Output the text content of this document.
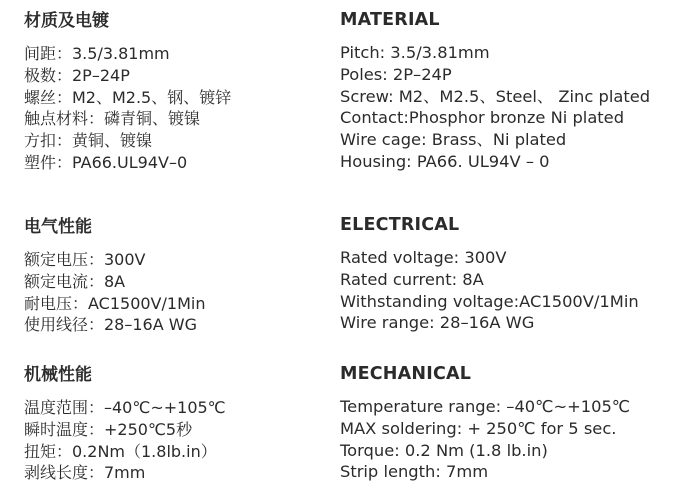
材质及电镀
间距：3.5/3.81mm
极数：2P–24P
螺丝：M2、M2.5、钢、镀锌
触点材料：磷青铜、镀镍
方扣：黄铜、镀镍
塑件：PA66.UL94V–0
电气性能
额定电压：300V
额定电流：8A
耐电压：AC1500V/1Min
使用线径：28–16A WG
机械性能
温度范围：–40℃~+105℃
瞬时温度：+250℃5秒
扭矩：0.2Nm（1.8lb.in）
剥线长度：7mm
MATERIAL
Pitch: 3.5/3.81mm
Poles: 2P–24P
Screw: M2、M2.5、Steel、 Zinc plated
Contact:Phosphor bronze Ni plated
Wire cage: Brass、Ni plated
Housing: PA66. UL94V – 0
ELECTRICAL
Rated voltage: 300V
Rated current: 8A
Withstanding voltage:AC1500V/1Min
Wire range: 28–16A WG
MECHANICAL
Temperature range: –40℃~+105℃
MAX soldering: + 250℃ for 5 sec.
Torque: 0.2 Nm (1.8 lb.in)
Strip length: 7mm
